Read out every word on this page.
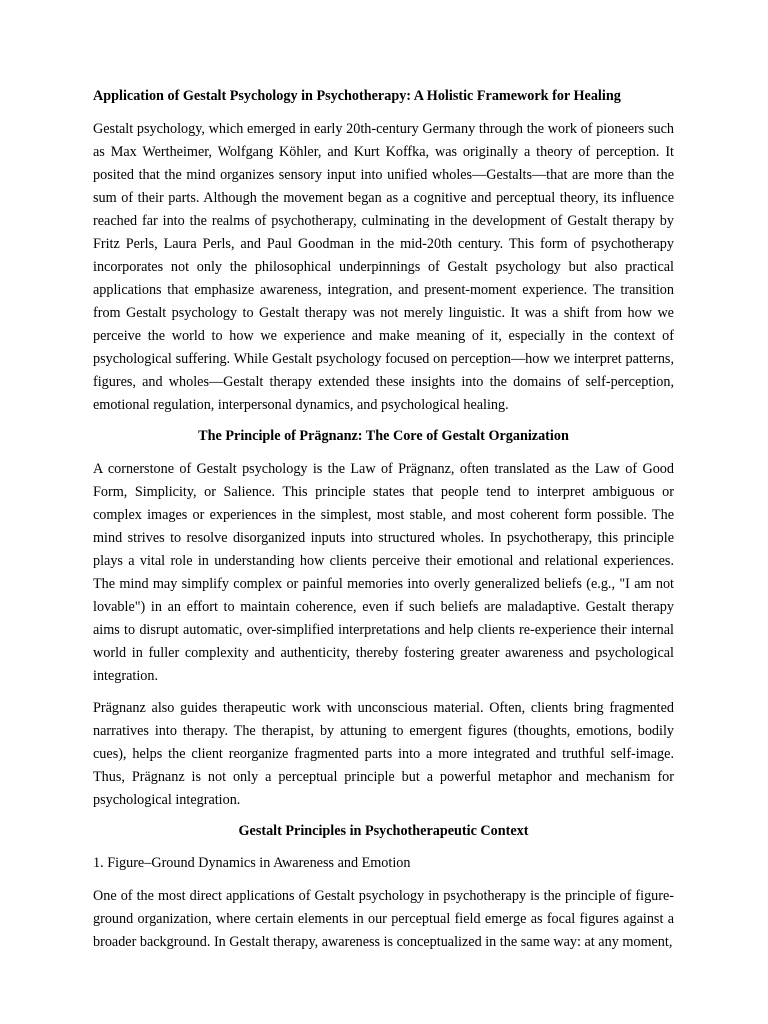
Application of Gestalt Psychology in Psychotherapy: A Holistic Framework for Healing

Gestalt psychology, which emerged in early 20th-century Germany through the work of pioneers such as Max Wertheimer, Wolfgang Köhler, and Kurt Koffka, was originally a theory of perception. It posited that the mind organizes sensory input into unified wholes—Gestalts—that are more than the sum of their parts. Although the movement began as a cognitive and perceptual theory, its influence reached far into the realms of psychotherapy, culminating in the development of Gestalt therapy by Fritz Perls, Laura Perls, and Paul Goodman in the mid-20th century. This form of psychotherapy incorporates not only the philosophical underpinnings of Gestalt psychology but also practical applications that emphasize awareness, integration, and present-moment experience. The transition from Gestalt psychology to Gestalt therapy was not merely linguistic. It was a shift from how we perceive the world to how we experience and make meaning of it, especially in the context of psychological suffering. While Gestalt psychology focused on perception—how we interpret patterns, figures, and wholes—Gestalt therapy extended these insights into the domains of self-perception, emotional regulation, interpersonal dynamics, and psychological healing.

The Principle of Prägnanz: The Core of Gestalt Organization

A cornerstone of Gestalt psychology is the Law of Prägnanz, often translated as the Law of Good Form, Simplicity, or Salience. This principle states that people tend to interpret ambiguous or complex images or experiences in the simplest, most stable, and most coherent form possible. The mind strives to resolve disorganized inputs into structured wholes. In psychotherapy, this principle plays a vital role in understanding how clients perceive their emotional and relational experiences. The mind may simplify complex or painful memories into overly generalized beliefs (e.g., "I am not lovable") in an effort to maintain coherence, even if such beliefs are maladaptive. Gestalt therapy aims to disrupt automatic, over-simplified interpretations and help clients re-experience their internal world in fuller complexity and authenticity, thereby fostering greater awareness and psychological integration.

Prägnanz also guides therapeutic work with unconscious material. Often, clients bring fragmented narratives into therapy. The therapist, by attuning to emergent figures (thoughts, emotions, bodily cues), helps the client reorganize fragmented parts into a more integrated and truthful self-image. Thus, Prägnanz is not only a perceptual principle but a powerful metaphor and mechanism for psychological integration.

Gestalt Principles in Psychotherapeutic Context
1. Figure–Ground Dynamics in Awareness and Emotion

One of the most direct applications of Gestalt psychology in psychotherapy is the principle of figure-ground organization, where certain elements in our perceptual field emerge as focal figures against a broader background. In Gestalt therapy, awareness is conceptualized in the same way: at any moment,
